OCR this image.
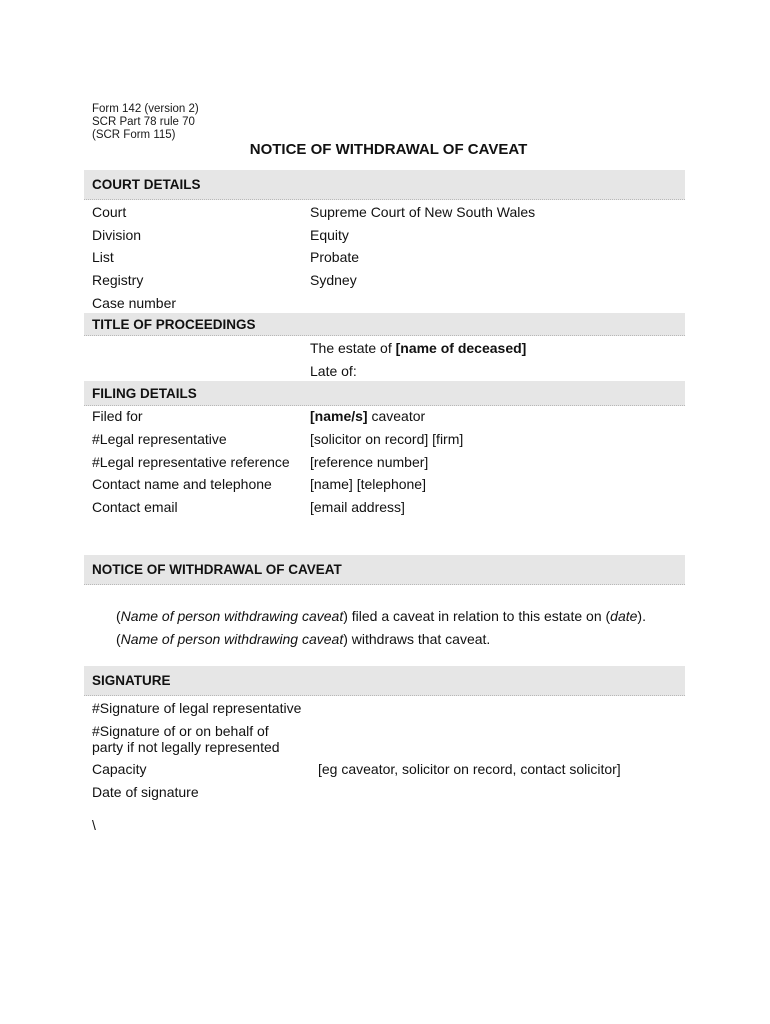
Form 142 (version 2)
SCR Part 78 rule 70
(SCR Form 115)
NOTICE OF WITHDRAWAL OF CAVEAT
COURT DETAILS
Court	Supreme Court of New South Wales
Division	Equity
List	Probate
Registry	Sydney
Case number
TITLE OF PROCEEDINGS
The estate of [name of deceased]
Late of:
FILING DETAILS
Filed for	[name/s] caveator
#Legal representative	[solicitor on record] [firm]
#Legal representative reference [reference number]
Contact name and telephone	[name] [telephone]
Contact email	[email address]
NOTICE OF WITHDRAWAL OF CAVEAT
(Name of person withdrawing caveat) filed a caveat in relation to this estate on (date).
(Name of person withdrawing caveat) withdraws that caveat.
SIGNATURE
#Signature of legal representative
#Signature of or on behalf of
party if not legally represented
Capacity	[eg caveator, solicitor on record, contact solicitor]
Date of signature
\
